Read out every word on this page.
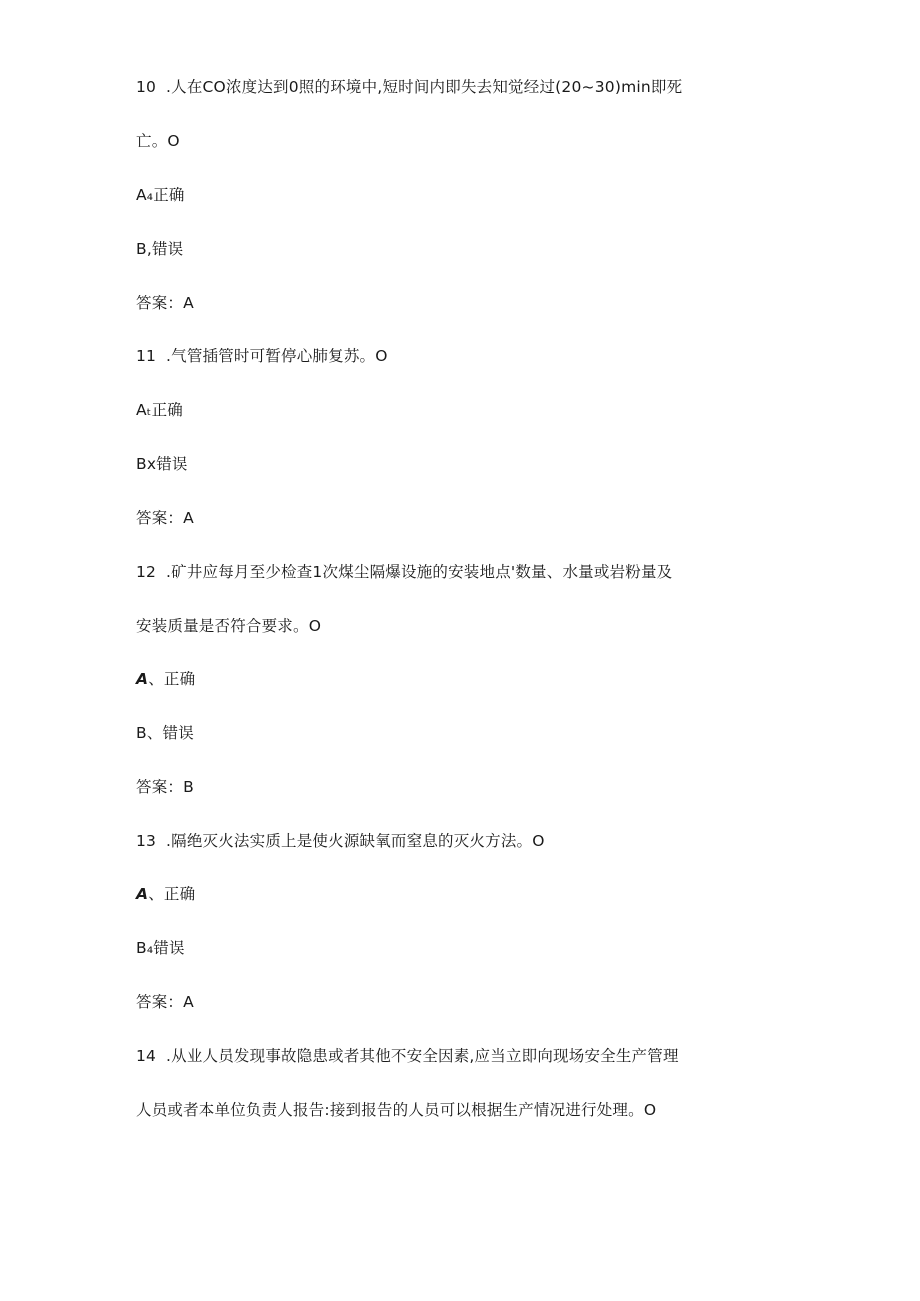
10 .人在CO浓度达到0照的环境中,短时间内即失去知觉经过(20~30)min即死
亡。O
A₄正确
B,错误
答案：A
11 .气管插管时可暂停心肺复苏。O
Aₜ正确
Bx错误
答案：A
12 .矿井应每月至少检查1次煤尘隔爆设施的安装地点'数量、水量或岩粉量及
安装质量是否符合要求。O
A、正确
B、错误
答案：B
13 .隔绝灭火法实质上是使火源缺氧而窒息的灭火方法。O
A、正确
B₄错误
答案：A
14 .从业人员发现事故隐患或者其他不安全因素,应当立即向现场安全生产管理
人员或者本单位负责人报告:接到报告的人员可以根据生产情况进行处理。O
